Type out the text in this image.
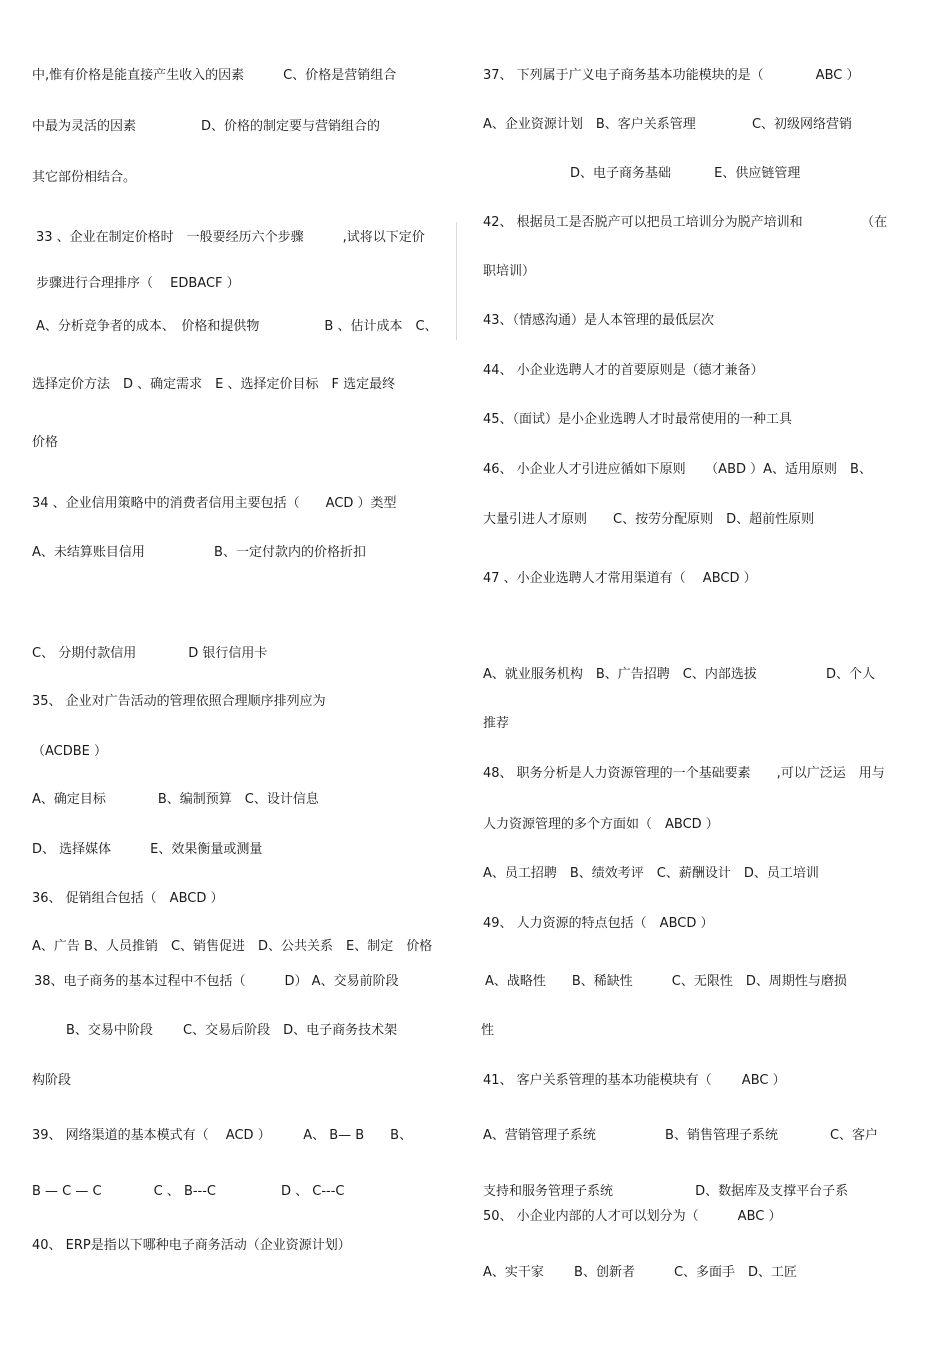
中,惟有价格是能直接产生收入的因素　　　C、价格是营销组合
中最为灵活的因素　　　　　D、价格的制定要与营销组合的
其它部份相结合。
33 、企业在制定价格时　一般要经历六个步骤　　　,试将以下定价
步骤进行合理排序（　 EDBACF ）
A、分析竞争者的成本、　价格和提供物　　　　　B 、估计成本　C、
选择定价方法　D 、确定需求　E 、选择定价目标　F 选定最终
价格
34 、企业信用策略中的消费者信用主要包括（　　ACD ）类型
A、未结算账目信用　　　　　 B、一定付款内的价格折扣
C、 分期付款信用　　　　D 银行信用卡
35、 企业对广告活动的管理依照合理顺序排列应为
（ACDBE ）
A、确定目标　　　　B、编制预算　C、设计信息
D、 选择媒体　　　E、效果衡量或测量
36、 促销组合包括（　ABCD ）
A、广告 B、人员推销　C、销售促进　D、公共关系　E、制定　价格
38、电子商务的基本过程中不包括（　　　D） A、交易前阶段
B、交易中阶段　　 C、交易后阶段　D、电子商务技术架
构阶段
39、 网络渠道的基本模式有（　 ACD ）　　　A、 B— B　　B、
B — C — C　　　　C 、 B---C　　　　　D 、 C---C
40、 ERP是指以下哪种电子商务活动（企业资源计划）
37、 下列属于广义电子商务基本功能模块的是（　　　　ABC ）
A、企业资源计划　B、客户关系管理　　　　 C、初级网络营销
D、电子商务基础　　　 E、供应链管理
42、 根据员工是否脱产可以把员工培训分为脱产培训和　　　　　（在
职培训）
43、（情感沟通）是人本管理的最低层次
44、 小企业选聘人才的首要原则是（德才兼备）
45、（面试）是小企业选聘人才时最常使用的一种工具
46、 小企业人才引进应循如下原则　　（ABD ）A、适用原则　B、
大量引进人才原则　　C、按劳分配原则　D、超前性原则
47 、小企业选聘人才常用渠道有（　 ABCD ）
A、就业服务机构　B、广告招聘　C、内部选拔　　　　　 D、个人
推荐
48、 职务分析是人力资源管理的一个基础要素　　,可以广泛运　用与
人力资源管理的多个方面如（　ABCD ）
A、员工招聘　B、绩效考评　C、薪酬设计　D、员工培训
49、 人力资源的特点包括（　ABCD ）
A、战略性　　B、稀缺性　　　C、无限性　D、周期性与磨损
性
41、 客户关系管理的基本功能模块有（　　 ABC ）
A、营销管理子系统　　　　　 B、销售管理子系统　　　　C、客户
支持和服务管理子系统　　　　　　 D、数据库及支撑平台子系
50、 小企业内部的人才可以划分为（　　　ABC ）
A、实干家　　 B、创新者　　　C、多面手　D、工匠
